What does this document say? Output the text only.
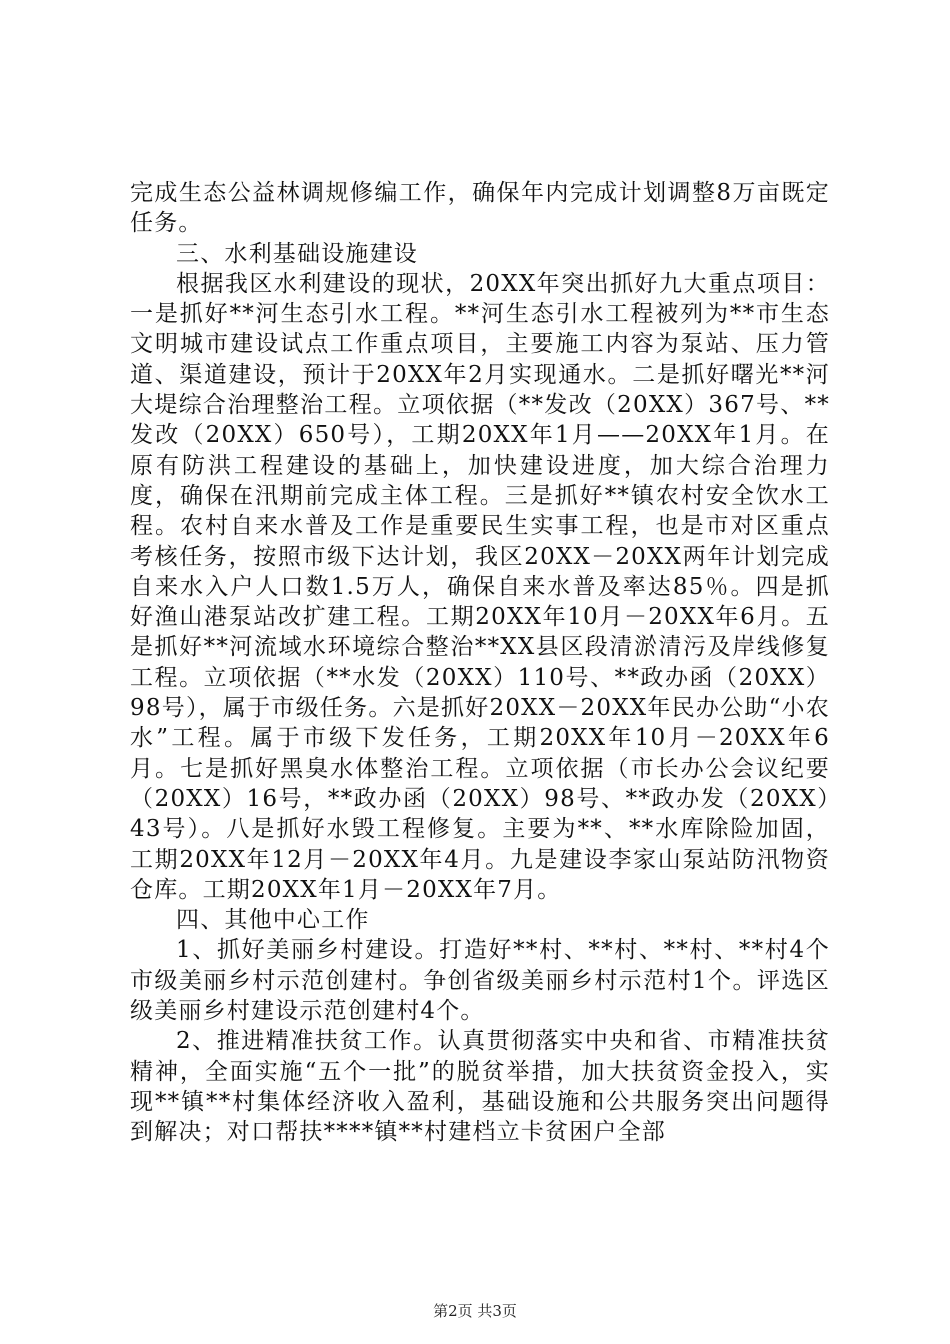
完成生态公益林调规修编工作，确保年内完成计划调整8万亩既定任务。

三、水利基础设施建设

根据我区水利建设的现状，20XX年突出抓好九大重点项目：一是抓好**河生态引水工程。**河生态引水工程被列为**市生态文明城市建设试点工作重点项目，主要施工内容为泵站、压力管道、渠道建设，预计于20XX年2月实现通水。二是抓好曙光**河大堤综合治理整治工程。立项依据（**发改（20XX）367号、**发改（20XX）650号），工期20XX年1月——20XX年1月。在原有防洪工程建设的基础上，加快建设进度，加大综合治理力度，确保在汛期前完成主体工程。三是抓好**镇农村安全饮水工程。农村自来水普及工作是重要民生实事工程，也是市对区重点考核任务，按照市级下达计划，我区20XX－20XX两年计划完成自来水入户人口数1.5万人，确保自来水普及率达85％。四是抓好渔山港泵站改扩建工程。工期20XX年10月－20XX年6月。五是抓好**河流域水环境综合整治**XX县区段清淤清污及岸线修复工程。立项依据（**水发（20XX）110号、**政办函（20XX）98号），属于市级任务。六是抓好20XX－20XX年民办公助“小农水”工程。属于市级下发任务，工期20XX年10月－20XX年6月。七是抓好黑臭水体整治工程。立项依据（市长办公会议纪要（20XX）16号，**政办函（20XX）98号、**政办发（20XX）43号）。八是抓好水毁工程修复。主要为**、**水库除险加固，工期20XX年12月－20XX年4月。九是建设李家山泵站防汛物资仓库。工期20XX年1月－20XX年7月。

四、其他中心工作

1、抓好美丽乡村建设。打造好**村、**村、**村、**村4个市级美丽乡村示范创建村。争创省级美丽乡村示范村1个。评选区级美丽乡村建设示范创建村4个。

2、推进精准扶贫工作。认真贯彻落实中央和省、市精准扶贫精神，全面实施“五个一批”的脱贫举措，加大扶贫资金投入，实现**镇**村集体经济收入盈利，基础设施和公共服务突出问题得到解决；对口帮扶****镇**村建档立卡贫困户全部

第2页 共3页
